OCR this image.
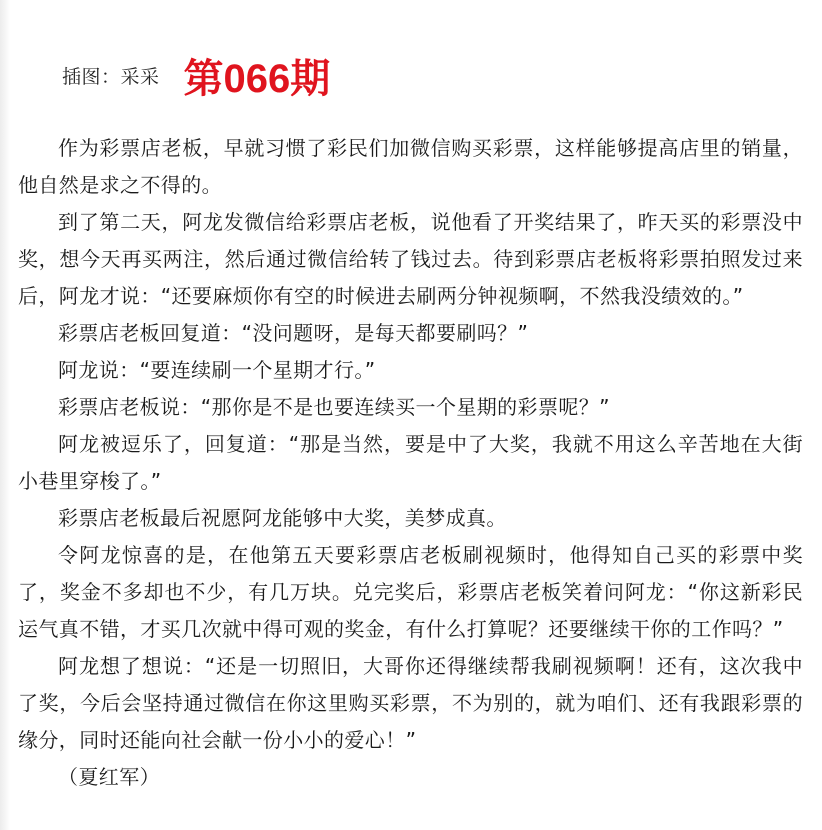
插图：采采 第066期

作为彩票店老板，早就习惯了彩民们加微信购买彩票，这样能够提高店里的销量，他自然是求之不得的。

到了第二天，阿龙发微信给彩票店老板，说他看了开奖结果了，昨天买的彩票没中奖，想今天再买两注，然后通过微信给转了钱过去。待到彩票店老板将彩票拍照发过来后，阿龙才说：“还要麻烦你有空的时候进去刷两分钟视频啊，不然我没绩效的。”

彩票店老板回复道：“没问题呀，是每天都要刷吗？”

阿龙说：“要连续刷一个星期才行。”

彩票店老板说：“那你是不是也要连续买一个星期的彩票呢？”

阿龙被逗乐了，回复道：“那是当然，要是中了大奖，我就不用这么辛苦地在大街小巷里穿梭了。”

彩票店老板最后祝愿阿龙能够中大奖，美梦成真。

令阿龙惊喜的是，在他第五天要彩票店老板刷视频时，他得知自己买的彩票中奖了，奖金不多却也不少，有几万块。兑完奖后，彩票店老板笑着问阿龙：“你这新彩民运气真不错，才买几次就中得可观的奖金，有什么打算呢？还要继续干你的工作吗？”

阿龙想了想说：“还是一切照旧，大哥你还得继续帮我刷视频啊！还有，这次我中了奖，今后会坚持通过微信在你这里购买彩票，不为别的，就为咱们、还有我跟彩票的缘分，同时还能向社会献一份小小的爱心！”

（夏红军）
